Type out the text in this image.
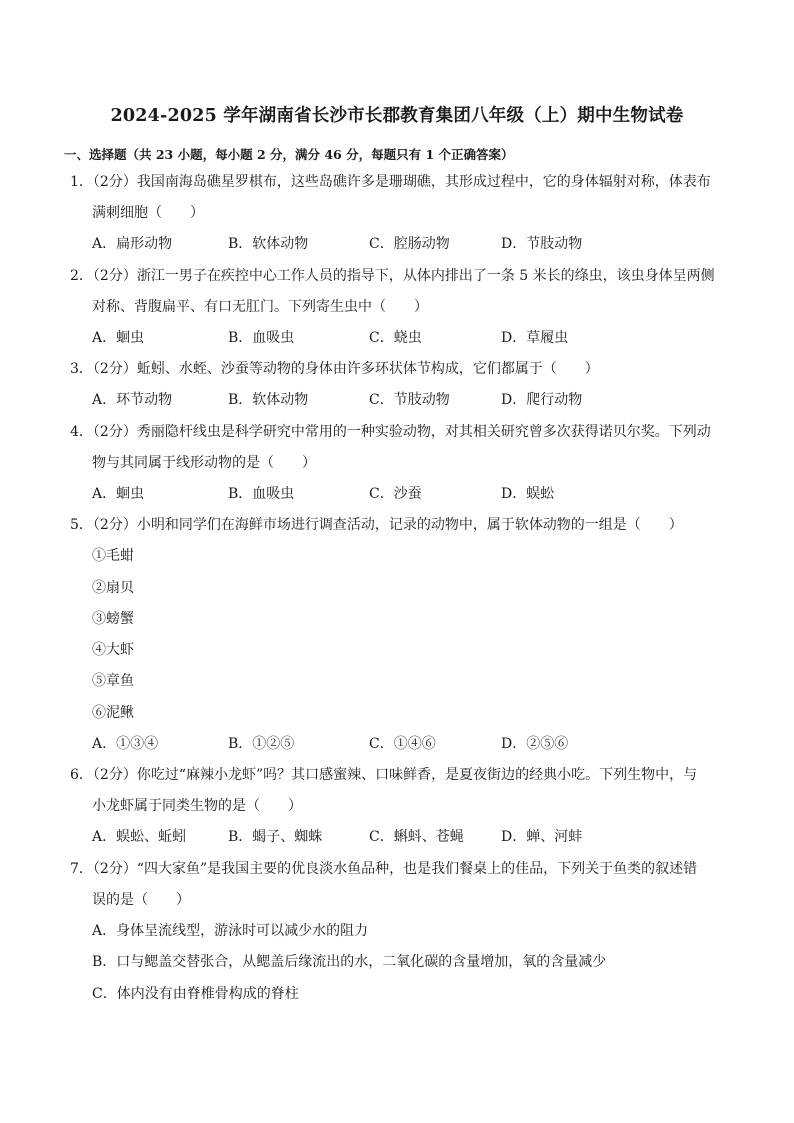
2024-2025 学年湖南省长沙市长郡教育集团八年级（上）期中生物试卷
一、选择题（共 23 小题，每小题 2 分，满分 46 分，每题只有 1 个正确答案）
1．（2分）我国南海岛礁星罗棋布，这些岛礁许多是珊瑚礁，其形成过程中，它的身体辐射对称，体表布
满刺细胞（　　）
A．扁形动物	B．软体动物	C．腔肠动物	D．节肢动物
2．（2分）浙江一男子在疾控中心工作人员的指导下，从体内排出了一条 5 米长的绦虫，该虫身体呈两侧
对称、背腹扁平、有口无肛门。下列寄生虫中（　　）
A．蛔虫	B．血吸虫	C．蛲虫	D．草履虫
3．（2分）蚯蚓、水蛭、沙蚕等动物的身体由许多环状体节构成，它们都属于（　　）
A．环节动物	B．软体动物	C．节肢动物	D．爬行动物
4．（2分）秀丽隐杆线虫是科学研究中常用的一种实验动物，对其相关研究曾多次获得诺贝尔奖。下列动
物与其同属于线形动物的是（　　）
A．蛔虫	B．血吸虫	C．沙蚕	D．蜈蚣
5．（2分）小明和同学们在海鲜市场进行调查活动，记录的动物中，属于软体动物的一组是（　　）
①毛蚶
②扇贝
③螃蟹
④大虾
⑤章鱼
⑥泥鳅
A．①③④	B．①②⑤	C．①④⑥	D．②⑤⑥
6．（2分）你吃过“麻辣小龙虾”吗？其口感蜜辣、口味鲜香，是夏夜街边的经典小吃。下列生物中，与
小龙虾属于同类生物的是（　　）
A．蜈蚣、蚯蚓	B．蝎子、蜘蛛	C．蝌蚪、苍蝇	D．蝉、河蚌
7．（2分）“四大家鱼”是我国主要的优良淡水鱼品种，也是我们餐桌上的佳品，下列关于鱼类的叙述错
误的是（　　）
A．身体呈流线型，游泳时可以减少水的阻力
B．口与鳃盖交替张合，从鳃盖后缘流出的水，二氧化碳的含量增加，氧的含量减少
C．体内没有由脊椎骨构成的脊柱
